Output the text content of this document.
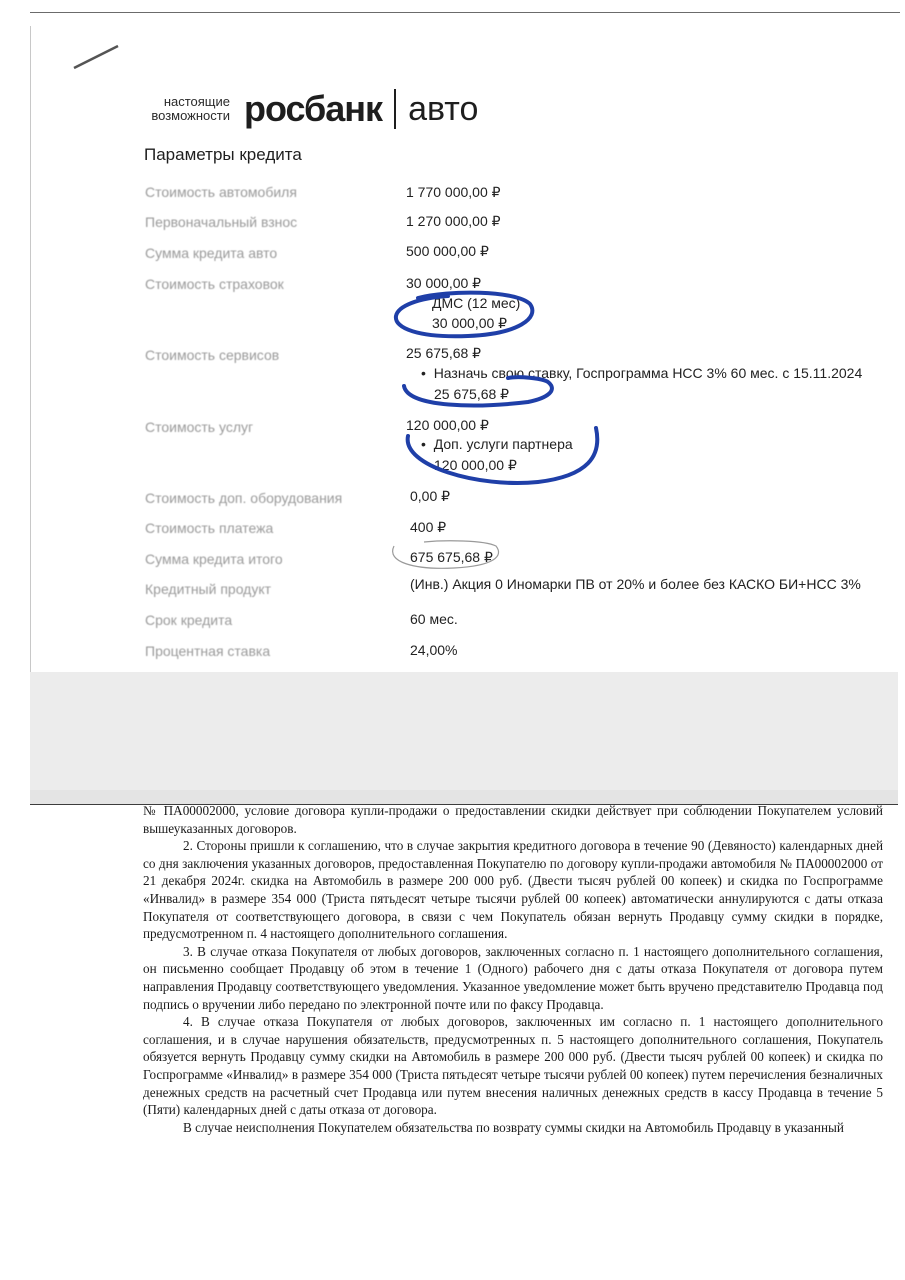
настоящие
возможности росбанк авто
Параметры кредита
Стоимость автомобиля	1 770 000,00 ₽
Первоначальный взнос	1 270 000,00 ₽
Сумма кредита авто	500 000,00 ₽
Стоимость страховок	30 000,00 ₽
ДМС (12 мес)
30 000,00 ₽
Стоимость сервисов	25 675,68 ₽
•  Назначь свою ставку, Госпрограмма НСС 3% 60 мес. с 15.11.2024
25 675,68 ₽
Стоимость услуг	120 000,00 ₽
•  Доп. услуги партнера
120 000,00 ₽
Стоимость доп. оборудования	0,00 ₽
Стоимость платежа	400 ₽
Сумма кредита итого	675 675,68 ₽
Кредитный продукт	(Инв.) Акция 0 Иномарки ПВ от 20% и более без КАСКО БИ+НСС 3%
Срок кредита	60 мес.
Процентная ставка	24,00%

№ ПА00002000, условие договора купли-продажи о предоставлении скидки действует при соблюдении Покупателем условий вышеуказанных договоров.

2. Стороны пришли к соглашению, что в случае закрытия кредитного договора в течение 90 (Девяносто) календарных дней со дня заключения указанных договоров, предоставленная Покупателю по договору купли-продажи автомобиля № ПА00002000 от 21 декабря 2024г. скидка на Автомобиль в размере 200 000 руб. (Двести тысяч рублей 00 копеек) и скидка по Госпрограмме «Инвалид» в размере 354 000 (Триста пятьдесят четыре тысячи рублей 00 копеек) автоматически аннулируются с даты отказа Покупателя от соответствующего договора, в связи с чем Покупатель обязан вернуть Продавцу сумму скидки в порядке, предусмотренном п. 4 настоящего дополнительного соглашения.

3. В случае отказа Покупателя от любых договоров, заключенных согласно п. 1 настоящего дополнительного соглашения, он письменно сообщает Продавцу об этом в течение 1 (Одного) рабочего дня с даты отказа Покупателя от договора путем направления Продавцу соответствующего уведомления. Указанное уведомление может быть вручено представителю Продавца под подпись о вручении либо передано по электронной почте или по факсу Продавца.

4. В случае отказа Покупателя от любых договоров, заключенных им согласно п. 1 настоящего дополнительного соглашения, и в случае нарушения обязательств, предусмотренных п. 5 настоящего дополнительного соглашения, Покупатель обязуется вернуть Продавцу сумму скидки на Автомобиль в размере 200 000 руб. (Двести тысяч рублей 00 копеек) и скидка по Госпрограмме «Инвалид» в размере 354 000 (Триста пятьдесят четыре тысячи рублей 00 копеек) путем перечисления безналичных денежных средств на расчетный счет Продавца или путем внесения наличных денежных средств в кассу Продавца в течение 5 (Пяти) календарных дней с даты отказа от договора.

В случае неисполнения Покупателем обязательства по возврату суммы скидки на Автомобиль Продавцу в указанный
